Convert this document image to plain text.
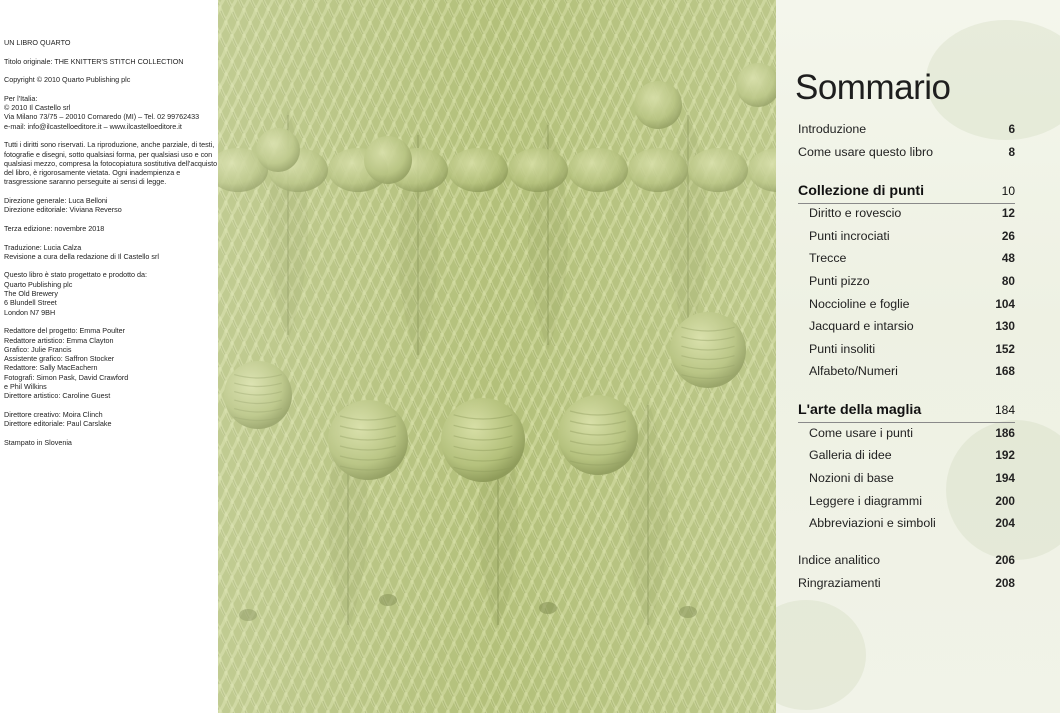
UN LIBRO QUARTO
Titolo originale: THE KNITTER'S STITCH COLLECTION
Copyright © 2010 Quarto Publishing plc
Per l'Italia:
© 2010 Il Castello srl
Via Milano 73/75 – 20010 Cornaredo (MI) – Tel. 02 99762433
e-mail: info@ilcastelloeditore.it – www.ilcastelloeditore.it
Tutti i diritti sono riservati. La riproduzione, anche parziale, di testi,
fotografie e disegni, sotto qualsiasi forma, per qualsiasi uso e con
qualsiasi mezzo, compresa la fotocopiatura sostitutiva dell'acquisto
del libro, è rigorosamente vietata. Ogni inadempienza e
trasgressione saranno perseguite ai sensi di legge.
Direzione generale: Luca Belloni
Direzione editoriale: Viviana Reverso
Terza edizione: novembre 2018
Traduzione: Lucia Calza
Revisione a cura della redazione di Il Castello srl
Questo libro è stato progettato e prodotto da:
Quarto Publishing plc
The Old Brewery
6 Blundell Street
London N7 9BH
Redattore del progetto: Emma Poulter
Redattore artistico: Emma Clayton
Grafico: Julie Francis
Assistente grafico: Saffron Stocker
Redattore: Sally MacEachern
Fotografi: Simon Pask, David Crawford
e Phil Wilkins
Direttore artistico: Caroline Guest
Direttore creativo: Moira Clinch
Direttore editoriale: Paul Carslake
Stampato in Slovenia
Sommario
Introduzione	6
Come usare questo libro	8
Collezione di punti	10
Diritto e rovescio	12
Punti incrociati	26
Trecce	48
Punti pizzo	80
Noccioline e foglie	104
Jacquard e intarsio	130
Punti insoliti	152
Alfabeto/Numeri	168
L'arte della maglia	184
Come usare i punti	186
Galleria di idee	192
Nozioni di base	194
Leggere i diagrammi	200
Abbreviazioni e simboli	204
Indice analitico	206
Ringraziamenti	208
